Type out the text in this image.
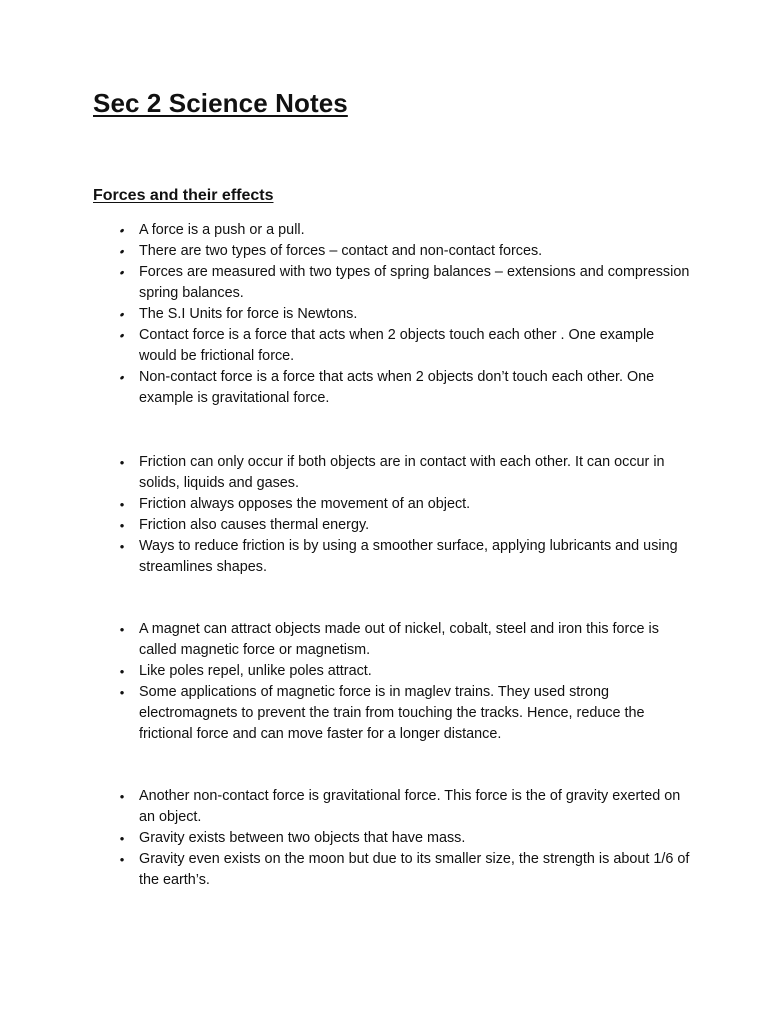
Sec 2 Science Notes
Forces and their effects
• A force is a push or a pull.
• There are two types of forces – contact and non-contact forces.
• Forces are measured with two types of spring balances – extensions and compression spring balances.
• The S.I Units for force is Newtons.
• Contact force is a force that acts when 2 objects touch each other . One example would be frictional force.
• Non-contact force is a force that acts when 2 objects don’t touch each other. One example is gravitational force.
•	Friction can only occur if both objects are in contact with each other. It can occur in solids, liquids and gases.
•	Friction always opposes the movement of an object.
•	Friction also causes thermal energy.
•	Ways to reduce friction is by using a smoother surface, applying lubricants and using streamlines shapes.
•	A magnet can attract objects made out of nickel, cobalt, steel and iron this force is called magnetic force or magnetism.
•	Like poles repel, unlike poles attract.
•	Some applications of magnetic force is in maglev trains. They used strong electromagnets to prevent the train from touching the tracks. Hence, reduce the frictional force and can move faster for a longer distance.
•	Another non-contact force is gravitational force. This force is the of gravity exerted on an object.
•	Gravity exists between two objects that have mass.
•	Gravity even exists on the moon but due to its smaller size, the strength is about 1/6 of the earth’s.
